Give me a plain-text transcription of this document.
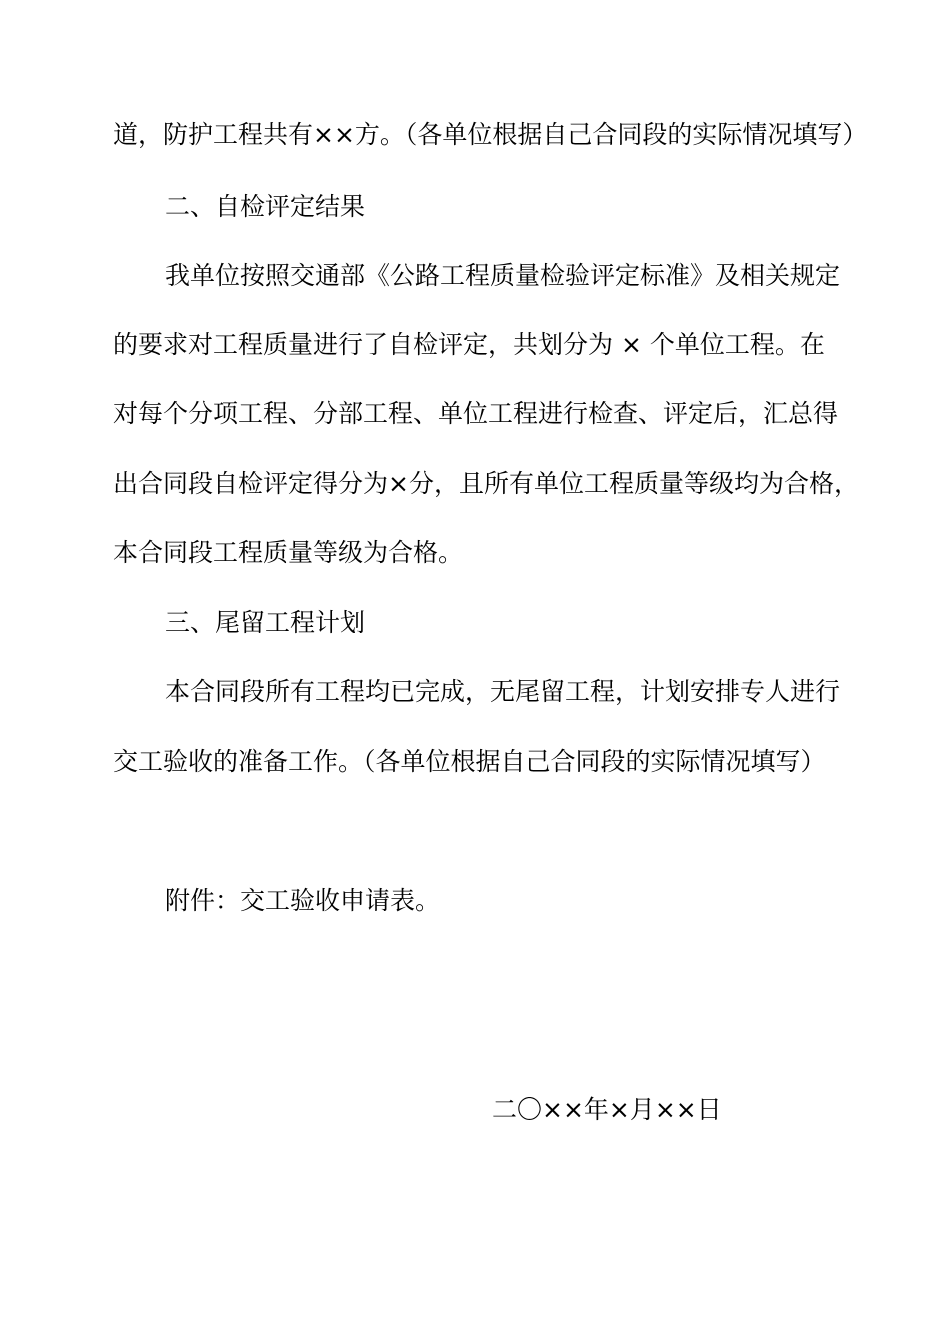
道，防护工程共有××方。（各单位根据自己合同段的实际情况填写）
二、自检评定结果
我单位按照交通部《公路工程质量检验评定标准》及相关规定
的要求对工程质量进行了自检评定，共划分为 × 个单位工程。在
对每个分项工程、分部工程、单位工程进行检查、评定后，汇总得
出合同段自检评定得分为×分，且所有单位工程质量等级均为合格，
本合同段工程质量等级为合格。
三、尾留工程计划
本合同段所有工程均已完成，无尾留工程，计划安排专人进行
交工验收的准备工作。（各单位根据自己合同段的实际情况填写）
附件：交工验收申请表。
二〇××年×月××日
